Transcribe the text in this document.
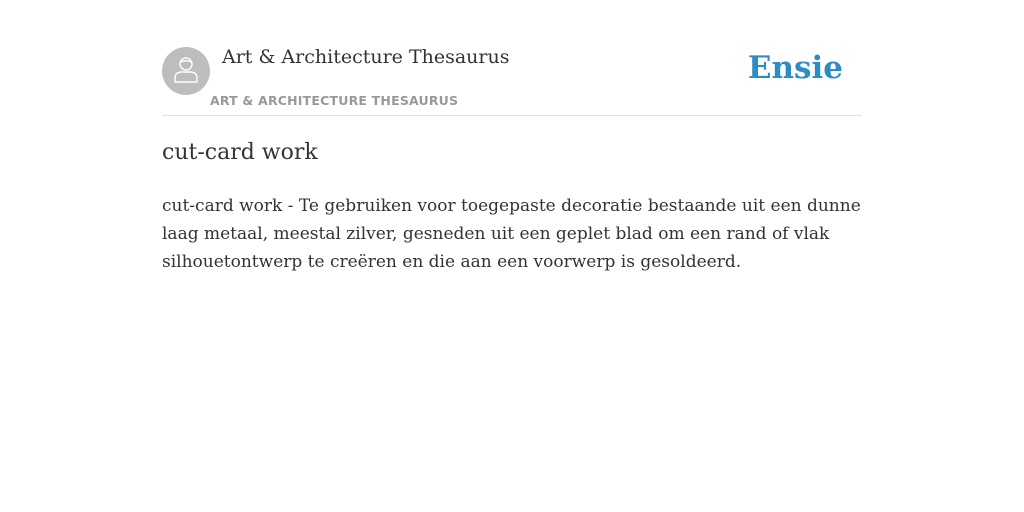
Art & Architecture Thesaurus
ART & ARCHITECTURE THESAURUS
Ensie
cut-card work

cut-card work - Te gebruiken voor toegepaste decoratie bestaande uit een dunne laag metaal, meestal zilver, gesneden uit een geplet blad om een rand of vlak silhouetontwerp te creëren en die aan een voorwerp is gesoldeerd.
